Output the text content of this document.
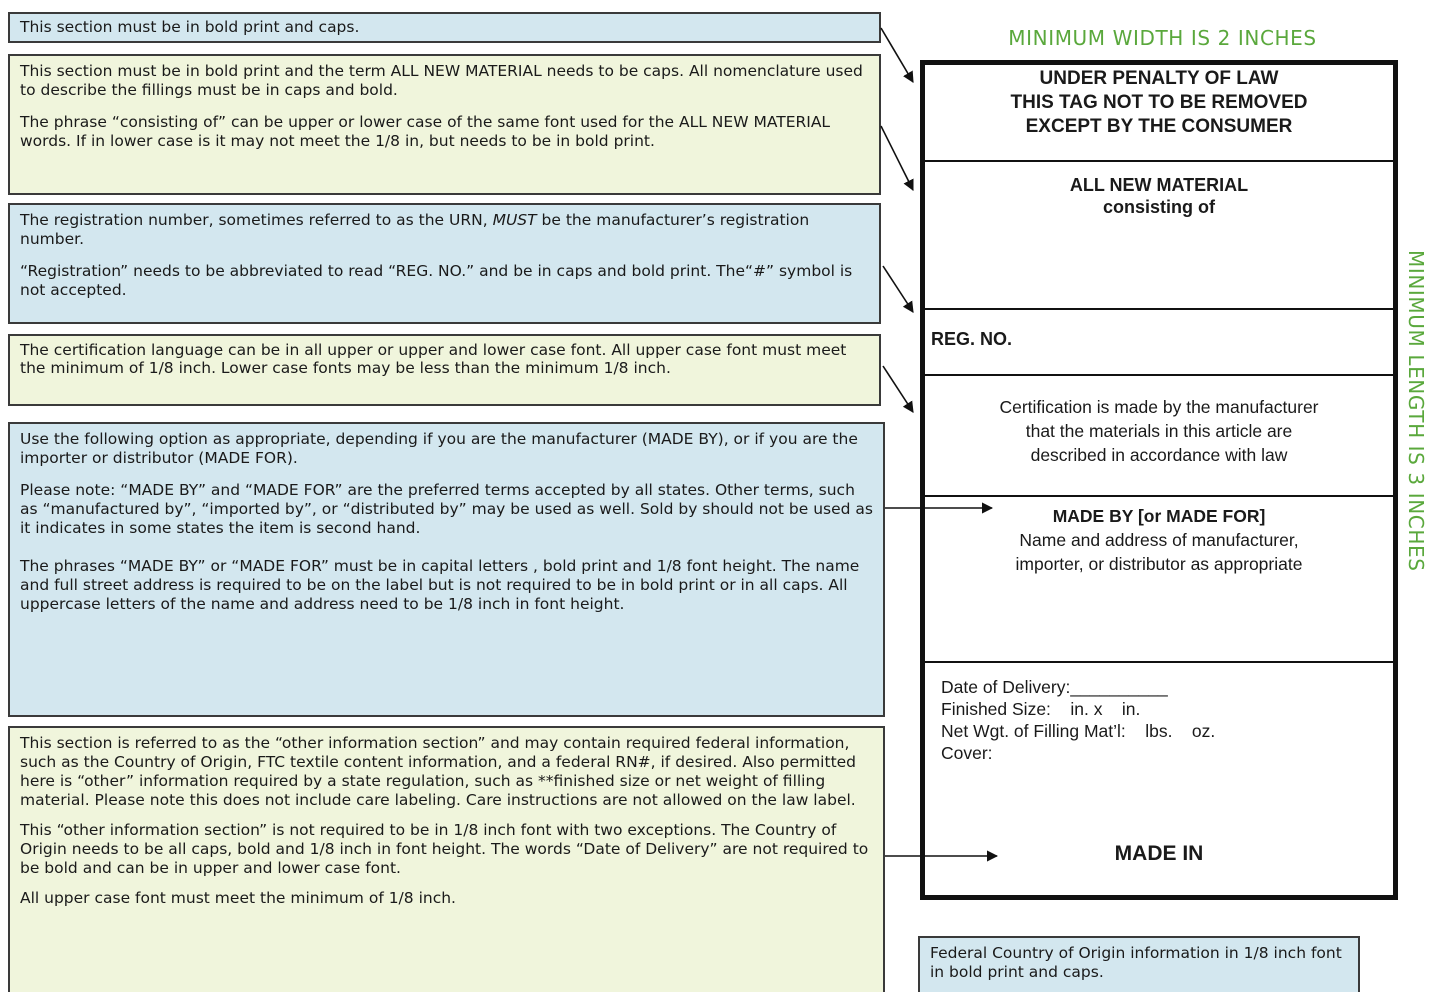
This section must be in bold print and caps.

This section must be in bold print and the term ALL NEW MATERIAL needs to be caps. All nomenclature used to describe the fillings must be in caps and bold.

The phrase “consisting of” can be upper or lower case of the same font used for the ALL NEW MATERIAL words. If in lower case is it may not meet the 1/8 in, but needs to be in bold print.

The registration number, sometimes referred to as the URN, MUST be the manufacturer’s registration number.

“Registration” needs to be abbreviated to read “REG. NO.” and be in caps and bold print. The“#” symbol is not accepted.

The certification language can be in all upper or upper and lower case font. All upper case font must meet the minimum of 1/8 inch. Lower case fonts may be less than the minimum 1/8 inch.

Use the following option as appropriate, depending if you are the manufacturer (MADE BY), or if you are the importer or distributor (MADE FOR).

Please note: “MADE BY” and “MADE FOR” are the preferred terms accepted by all states. Other terms, such as “manufactured by”, “imported by”, or “distributed by” may be used as well. Sold by should not be used as it indicates in some states the item is second hand.

The phrases “MADE BY” or “MADE FOR” must be in capital letters , bold print and 1/8 font height. The name and full street address is required to be on the label but is not required to be in bold print or in all caps. All uppercase letters of the name and address need to be 1/8 inch in font height.

This section is referred to as the “other information section” and may contain required federal information, such as the Country of Origin, FTC textile content information, and a federal RN#, if desired. Also permitted here is “other” information required by a state regulation, such as **finished size or net weight of filling material. Please note this does not include care labeling. Care instructions are not allowed on the law label.

This “other information section” is not required to be in 1/8 inch font with two exceptions. The Country of Origin needs to be all caps, bold and 1/8 inch in font height. The words “Date of Delivery” are not required to be bold and can be in upper and lower case font.

All upper case font must meet the minimum of 1/8 inch.

Federal Country of Origin information in 1/8 inch font in bold print and caps.

MINIMUM WIDTH IS 2 INCHES
MINIMUM LENGTH IS 3 INCHES
UNDER PENALTY OF LAW
THIS TAG NOT TO BE REMOVED
EXCEPT BY THE CONSUMER
ALL NEW MATERIAL
consisting of
REG. NO.
Certification is made by the manufacturer
that the materials in this article are
described in accordance with law
MADE BY [or MADE FOR]
Name and address of manufacturer,
importer, or distributor as appropriate
Date of Delivery:__________
Finished Size:    in. x    in.
Net Wgt. of Filling Mat’l:    lbs.    oz.
Cover:
MADE IN
